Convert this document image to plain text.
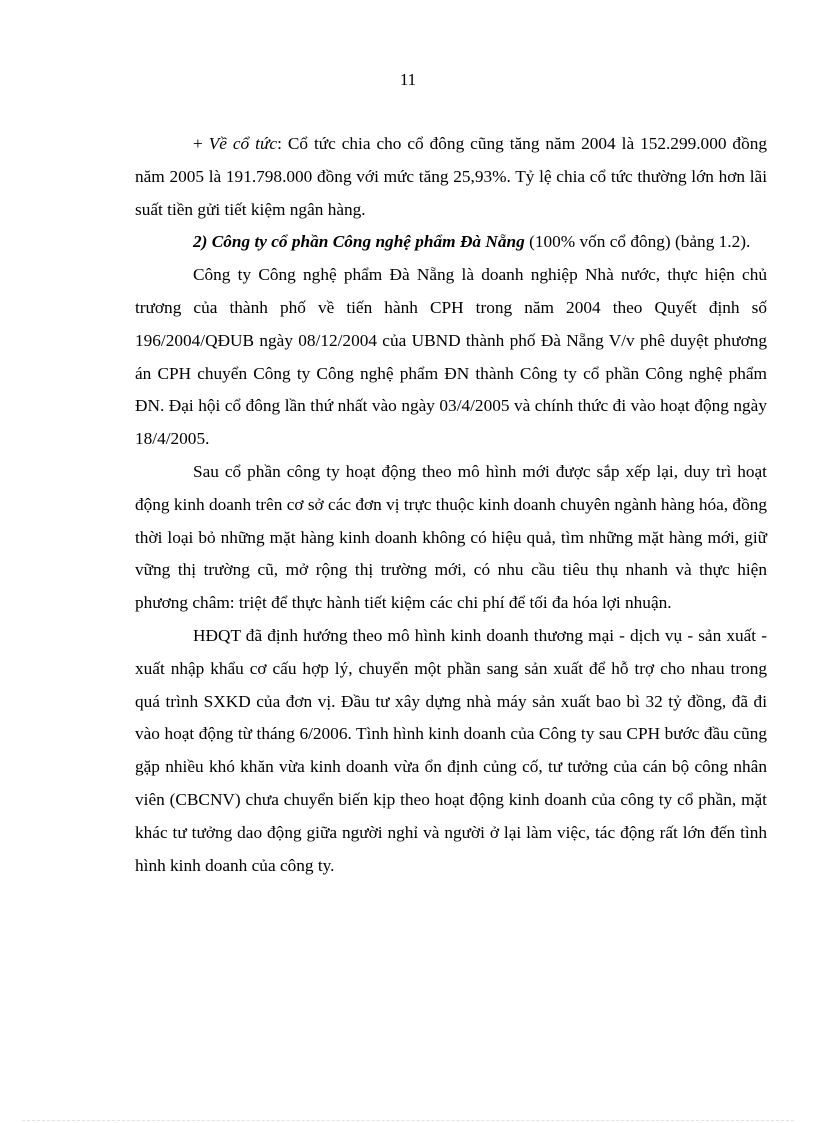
11

+ Về cổ tức: Cổ tức chia cho cổ đông cũng tăng năm 2004 là 152.299.000 đồng năm 2005 là 191.798.000 đồng với mức tăng 25,93%. Tỷ lệ chia cổ tức thường lớn hơn lãi suất tiền gửi tiết kiệm ngân hàng.

2) Công ty cổ phần Công nghệ phẩm Đà Nẵng (100% vốn cổ đông) (bảng 1.2).

Công ty Công nghệ phẩm Đà Nẵng là doanh nghiệp Nhà nước, thực hiện chủ trương của thành phố về tiến hành CPH trong năm 2004 theo Quyết định số 196/2004/QĐUB ngày 08/12/2004 của UBND thành phố Đà Nẵng V/v phê duyệt phương án CPH chuyển Công ty Công nghệ phẩm ĐN thành Công ty cổ phần Công nghệ phẩm ĐN. Đại hội cổ đông lần thứ nhất vào ngày 03/4/2005 và chính thức đi vào hoạt động ngày 18/4/2005.

Sau cổ phần công ty hoạt động theo mô hình mới được sắp xếp lại, duy trì hoạt động kinh doanh trên cơ sở các đơn vị trực thuộc kinh doanh chuyên ngành hàng hóa, đồng thời loại bỏ những mặt hàng kinh doanh không có hiệu quả, tìm những mặt hàng mới, giữ vững thị trường cũ, mở rộng thị trường mới, có nhu cầu tiêu thụ nhanh và thực hiện phương châm: triệt để thực hành tiết kiệm các chi phí để tối đa hóa lợi nhuận.

HĐQT đã định hướng theo mô hình kinh doanh thương mại - dịch vụ - sản xuất - xuất nhập khẩu cơ cấu hợp lý, chuyển một phần sang sản xuất để hỗ trợ cho nhau trong quá trình SXKD của đơn vị. Đầu tư xây dựng nhà máy sản xuất bao bì 32 tỷ đồng, đã đi vào hoạt động từ tháng 6/2006. Tình hình kinh doanh của Công ty sau CPH bước đầu cũng gặp nhiều khó khăn vừa kinh doanh vừa ổn định củng cố, tư tưởng của cán bộ công nhân viên (CBCNV) chưa chuyển biến kịp theo hoạt động kinh doanh của công ty cổ phần, mặt khác tư tưởng dao động giữa người nghỉ và người ở lại làm việc, tác động rất lớn đến tình hình kinh doanh của công ty.
